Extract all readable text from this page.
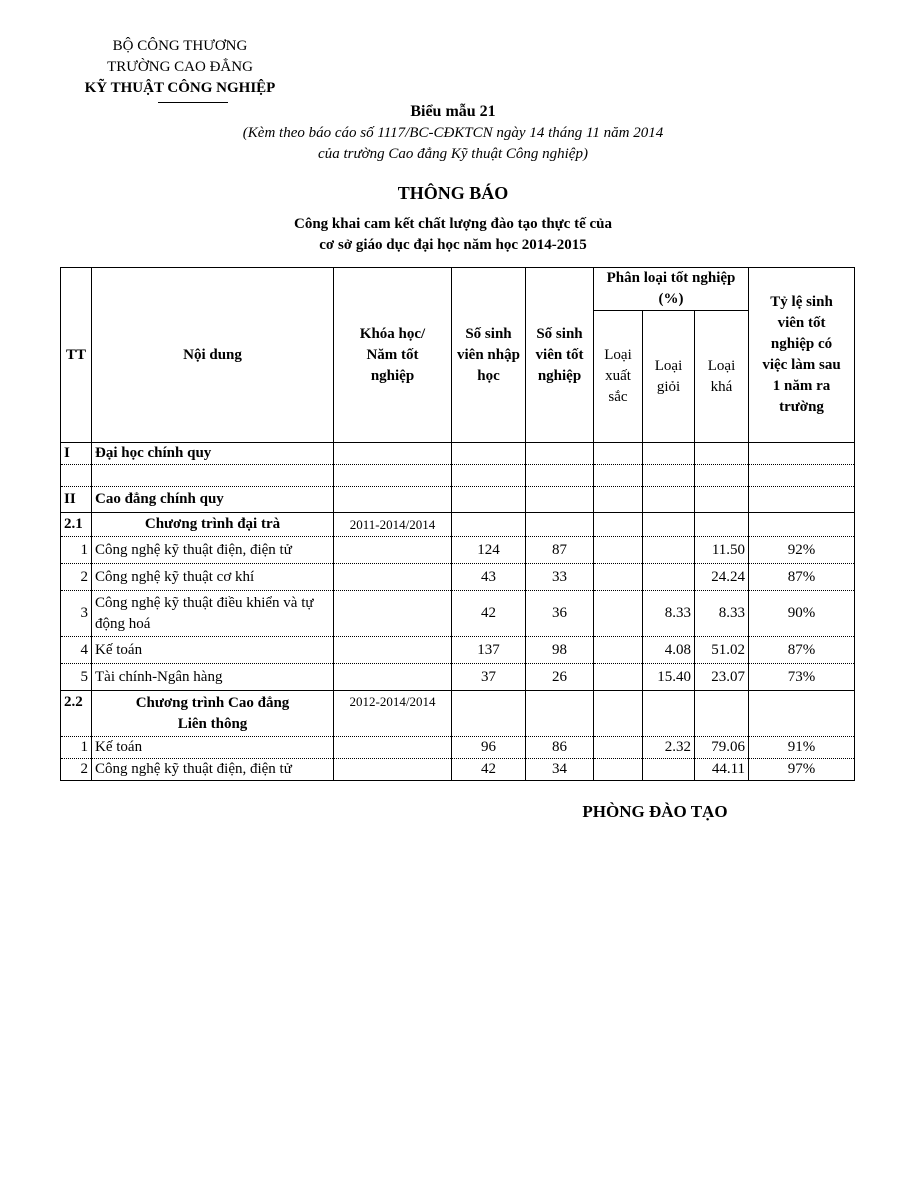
BỘ CÔNG THƯƠNG
TRƯỜNG CAO ĐẲNG
KỸ THUẬT CÔNG NGHIỆP
Biểu mẫu 21
(Kèm theo báo cáo số 1117/BC-CĐKTCN ngày 14 tháng 11 năm 2014
của trường Cao đẳng Kỹ thuật Công nghiệp)
THÔNG BÁO
Công khai cam kết chất lượng đào tạo thực tế của
cơ sở giáo dục đại học năm học 2014-2015
TT	Nội dung	Khóa học/ Năm tốt nghiệp	Số sinh viên nhập học	Số sinh viên tốt nghiệp	Phân loại tốt nghiệp (%)			Tỷ lệ sinh viên tốt nghiệp có việc làm sau 1 năm ra trường
					Loại xuất sắc	Loại giỏi	Loại khá	
I	Đại học chính quy							

II	Cao đẳng chính quy							
2.1	Chương trình đại trà	2011-2014/2014						
1	Công nghệ kỹ thuật điện, điện tử		124	87			11.50	92%
2	Công nghệ kỹ thuật cơ khí		43	33			24.24	87%
3	Công nghệ kỹ thuật điều khiển và tự động hoá		42	36		8.33	8.33	90%
4	Kế toán		137	98		4.08	51.02	87%
5	Tài chính-Ngân hàng		37	26		15.40	23.07	73%
2.2	Chương trình Cao đẳng Liên thông	2012-2014/2014						
1	Kế toán		96	86		2.32	79.06	91%
2	Công nghệ kỹ thuật điện, điện tử		42	34			44.11	97%
PHÒNG ĐÀO TẠO
